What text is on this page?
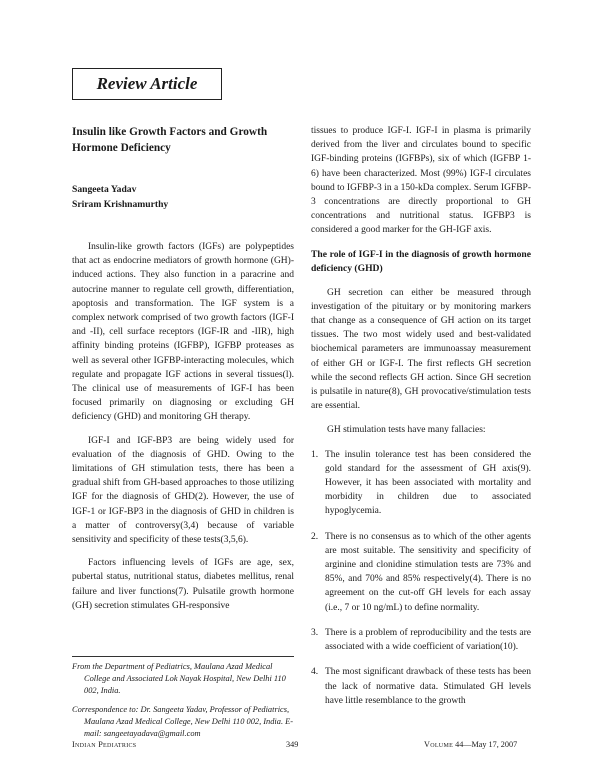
Review Article
Insulin like Growth Factors and Growth Hormone Deficiency
Sangeeta Yadav
Sriram Krishnamurthy

Insulin-like growth factors (IGFs) are polypeptides that act as endocrine mediators of growth hormone (GH)-induced actions. They also function in a paracrine and autocrine manner to regulate cell growth, differentiation, apoptosis and transformation. The IGF system is a complex network comprised of two growth factors (IGF-I and -II), cell surface receptors (IGF-IR and -IIR), high affinity binding proteins (IGFBP), IGFBP proteases as well as several other IGFBP-interacting molecules, which regulate and propagate IGF actions in several tissues(l). The clinical use of measurements of IGF-I has been focused primarily on diagnosing or excluding GH deficiency (GHD) and monitoring GH therapy.

IGF-I and IGF-BP3 are being widely used for evaluation of the diagnosis of GHD. Owing to the limitations of GH stimulation tests, there has been a gradual shift from GH-based approaches to those utilizing IGF for the diagnosis of GHD(2). However, the use of IGF-1 or IGF-BP3 in the diagnosis of GHD in children is a matter of controversy(3,4) because of variable sensitivity and specificity of these tests(3,5,6).

Factors influencing levels of IGFs are age, sex, pubertal status, nutritional status, diabetes mellitus, renal failure and liver functions(7). Pulsatile growth hormone (GH) secretion stimulates GH-responsive

From the Department of Pediatrics, Maulana Azad Medical College and Associated Lok Nayak Hospital, New Delhi 110 002, India.

Correspondence to: Dr. Sangeeta Yadav, Professor of Pediatrics, Maulana Azad Medical College, New Delhi 110 002, India. E-mail: sangeetayadava@gmail.com

tissues to produce IGF-I. IGF-I in plasma is primarily derived from the liver and circulates bound to specific IGF-binding proteins (IGFBPs), six of which (IGFBP 1-6) have been characterized. Most (99%) IGF-I circulates bound to IGFBP-3 in a 150-kDa complex. Serum IGFBP-3 concentrations are directly proportional to GH concentrations and nutritional status. IGFBP3 is considered a good marker for the GH-IGF axis.

The role of IGF-I in the diagnosis of growth hormone deficiency (GHD)

GH secretion can either be measured through investigation of the pituitary or by monitoring markers that change as a consequence of GH action on its target tissues. The two most widely used and best-validated biochemical parameters are immunoassay measurement of either GH or IGF-I. The first reflects GH secretion while the second reflects GH action. Since GH secretion is pulsatile in nature(8), GH provocative/stimulation tests are essential.

GH stimulation tests have many fallacies:

1. The insulin tolerance test has been considered the gold standard for the assessment of GH axis(9). However, it has been associated with mortality and morbidity in children due to associated hypoglycemia.
2. There is no consensus as to which of the other agents are most suitable. The sensitivity and specificity of arginine and clonidine stimulation tests are 73% and 85%, and 70% and 85% respectively(4). There is no agreement on the cut-off GH levels for each assay (i.e., 7 or 10 ng/mL) to define normality.
3. There is a problem of reproducibility and the tests are associated with a wide coefficient of variation(10).
4. The most significant drawback of these tests has been the lack of normative data. Stimulated GH levels have little resemblance to the growth
Indian Pediatrics	349	Volume 44—May 17, 2007
